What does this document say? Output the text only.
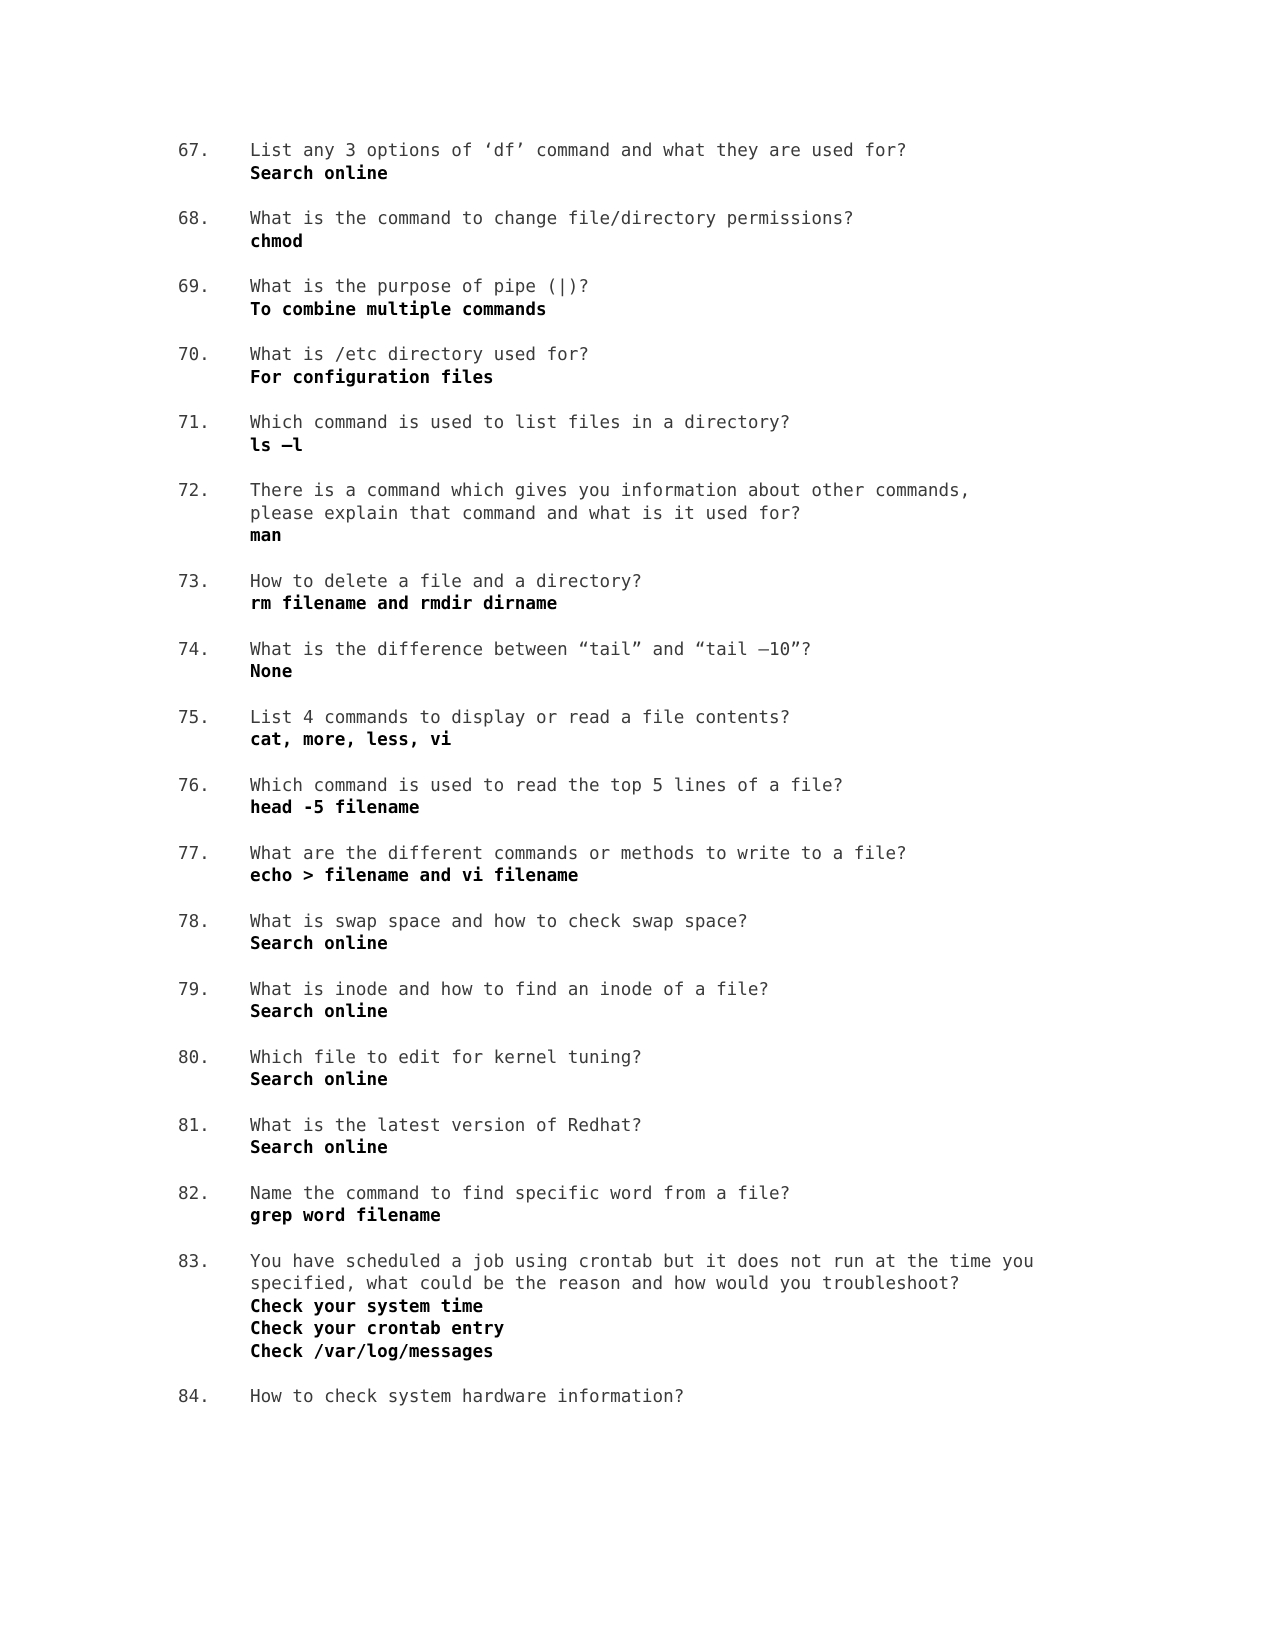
67. List any 3 options of ‘df’ command and what they are used for?
Search online
68. What is the command to change file/directory permissions?
chmod
69. What is the purpose of pipe (|)?
To combine multiple commands
70. What is /etc directory used for?
For configuration files
71. Which command is used to list files in a directory?
ls –l
72. There is a command which gives you information about other commands, please explain that command and what is it used for?
man
73. How to delete a file and a directory?
rm filename and rmdir dirname
74. What is the difference between “tail” and “tail –10”?
None
75. List 4 commands to display or read a file contents?
cat, more, less, vi
76. Which command is used to read the top 5 lines of a file?
head -5 filename
77. What are the different commands or methods to write to a file?
echo > filename and vi filename
78. What is swap space and how to check swap space?
Search online
79. What is inode and how to find an inode of a file?
Search online
80. Which file to edit for kernel tuning?
Search online
81. What is the latest version of Redhat?
Search online
82. Name the command to find specific word from a file?
grep word filename
83. You have scheduled a job using crontab but it does not run at the time you specified, what could be the reason and how would you troubleshoot?
Check your system time
Check your crontab entry
Check /var/log/messages
84. How to check system hardware information?
